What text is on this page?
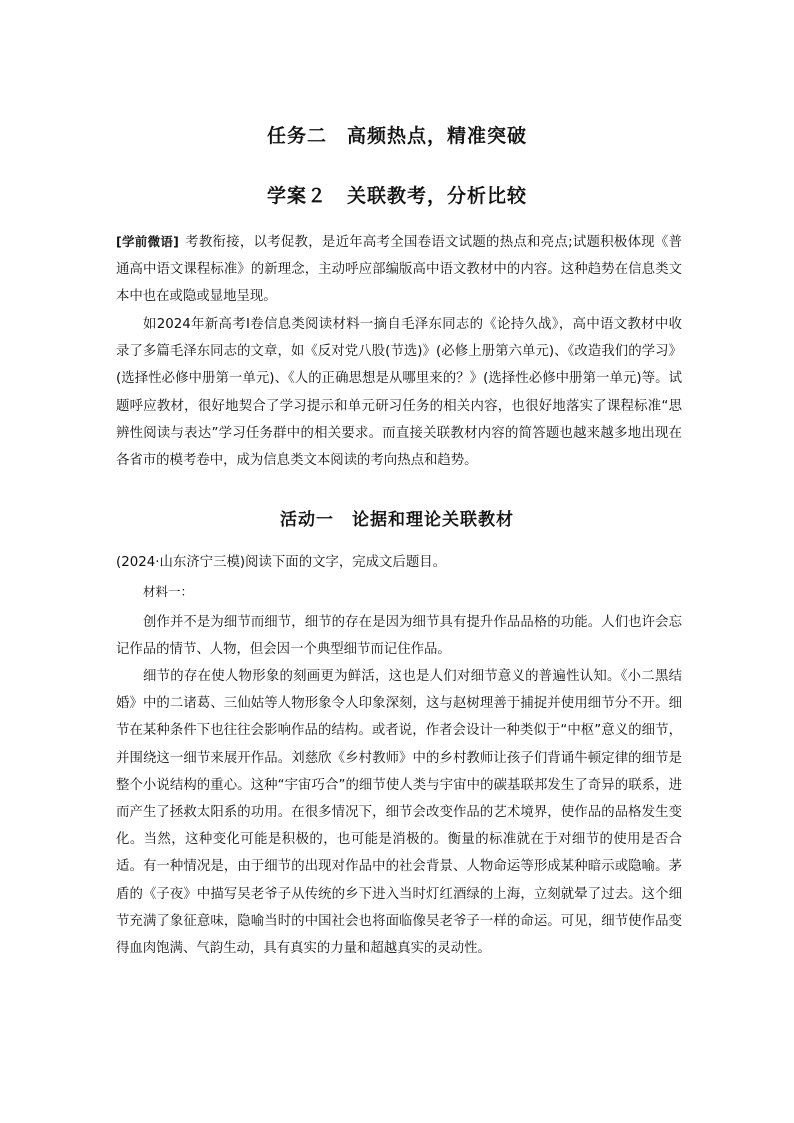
任务二　高频热点，精准突破
学案２　关联教考，分析比较

[学前微语] 考教衔接，以考促教，是近年高考全国卷语文试题的热点和亮点;试题积极体现《普通高中语文课程标准》的新理念，主动呼应部编版高中语文教材中的内容。这种趋势在信息类文本中也在或隐或显地呈现。

如2024年新高考Ⅰ卷信息类阅读材料一摘自毛泽东同志的《论持久战》，高中语文教材中收录了多篇毛泽东同志的文章，如《反对党八股(节选)》(必修上册第六单元)、《改造我们的学习》(选择性必修中册第一单元)、《人的正确思想是从哪里来的？》(选择性必修中册第一单元)等。试题呼应教材，很好地契合了学习提示和单元研习任务的相关内容，也很好地落实了课程标准“思辨性阅读与表达”学习任务群中的相关要求。而直接关联教材内容的简答题也越来越多地出现在各省市的模考卷中，成为信息类文本阅读的考向热点和趋势。

活动一　论据和理论关联教材

(2024·山东济宁三模)阅读下面的文字，完成文后题目。

材料一：

创作并不是为细节而细节，细节的存在是因为细节具有提升作品品格的功能。人们也许会忘记作品的情节、人物，但会因一个典型细节而记住作品。

细节的存在使人物形象的刻画更为鲜活，这也是人们对细节意义的普遍性认知。《小二黑结婚》中的二诸葛、三仙姑等人物形象令人印象深刻，这与赵树理善于捕捉并使用细节分不开。细节在某种条件下也往往会影响作品的结构。或者说，作者会设计一种类似于“中枢”意义的细节，并围绕这一细节来展开作品。刘慈欣《乡村教师》中的乡村教师让孩子们背诵牛顿定律的细节是整个小说结构的重心。这种“宇宙巧合”的细节使人类与宇宙中的碳基联邦发生了奇异的联系，进而产生了拯救太阳系的功用。在很多情况下，细节会改变作品的艺术境界，使作品的品格发生变化。当然，这种变化可能是积极的，也可能是消极的。衡量的标准就在于对细节的使用是否合适。有一种情况是，由于细节的出现对作品中的社会背景、人物命运等形成某种暗示或隐喻。茅盾的《子夜》中描写吴老爷子从传统的乡下进入当时灯红酒绿的上海，立刻就晕了过去。这个细节充满了象征意味，隐喻当时的中国社会也将面临像吴老爷子一样的命运。可见，细节使作品变得血肉饱满、气韵生动，具有真实的力量和超越真实的灵动性。
